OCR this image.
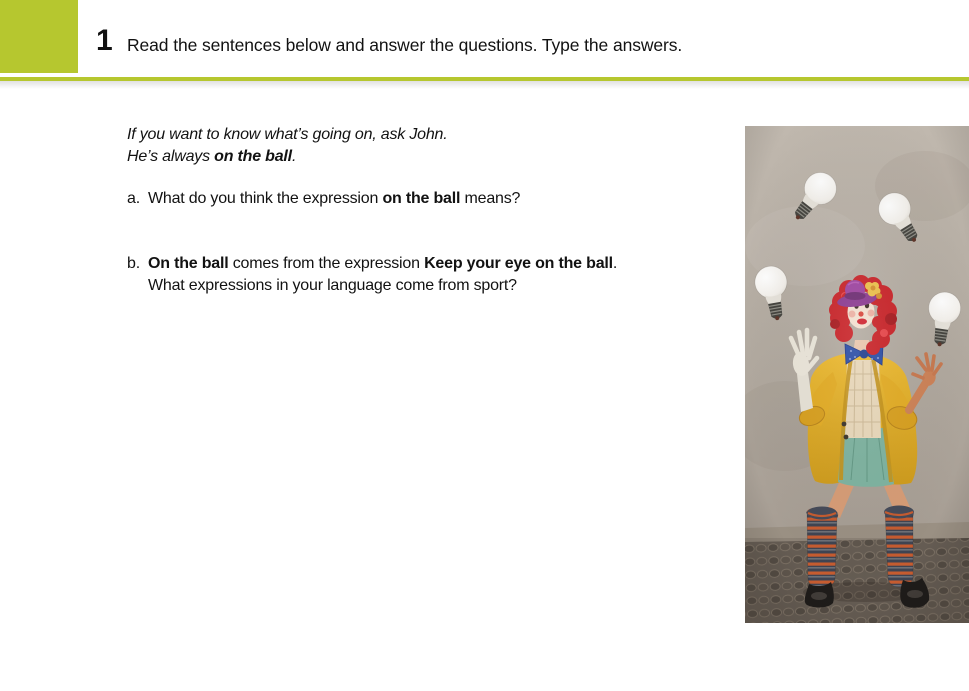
1 Read the sentences below and answer the questions. Type the answers.
If you want to know what’s going on, ask John.
He’s always on the ball.
a. What do you think the expression on the ball means?
b. On the ball comes from the expression Keep your eye on the ball.
What expressions in your language come from sport?
